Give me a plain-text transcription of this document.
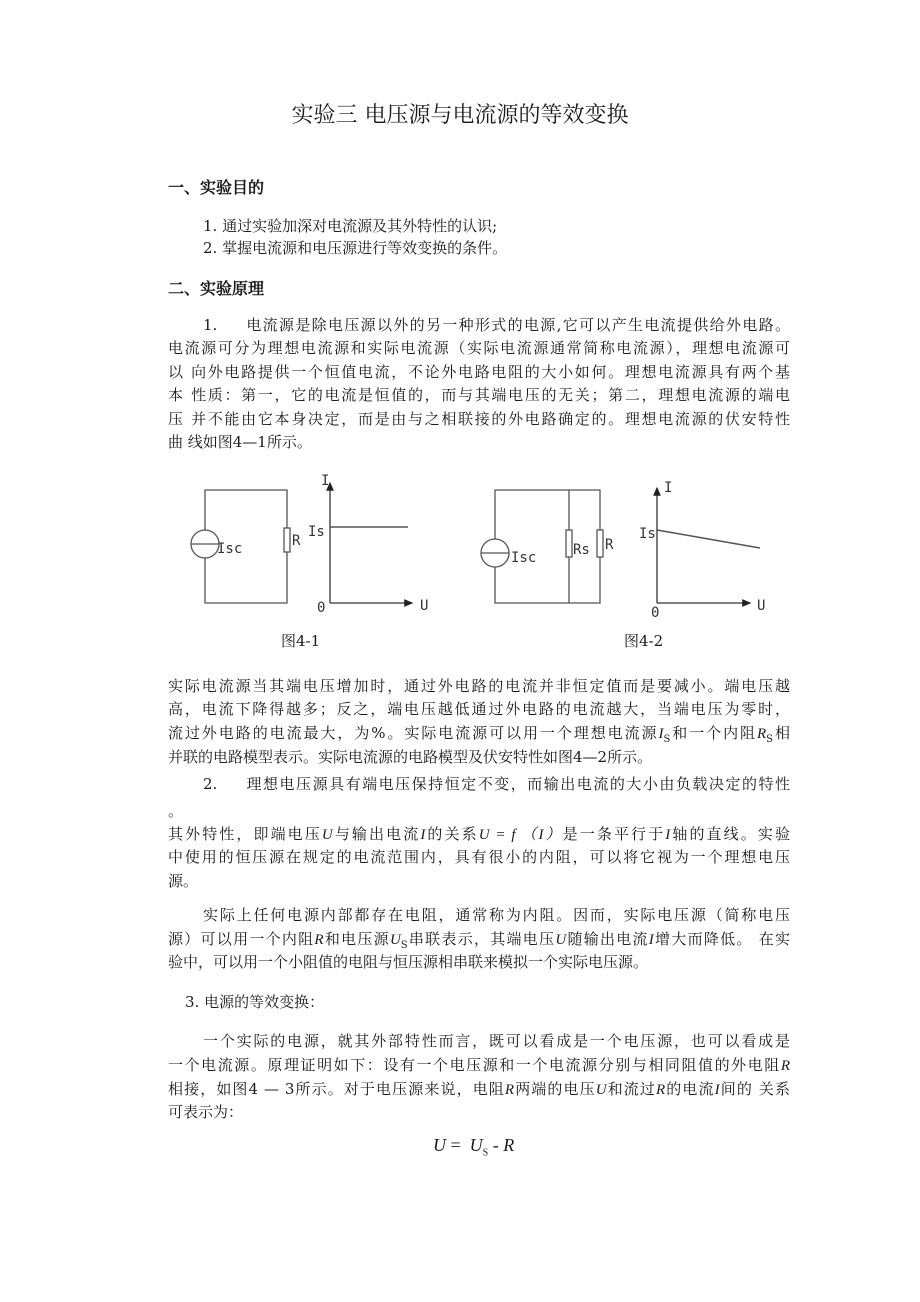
实验三 电压源与电流源的等效变换
一、实验目的
1. 通过实验加深对电流源及其外特性的认识;
2. 掌握电流源和电压源进行等效变换的条件。
二、实验原理
1. 电流源是除电压源以外的另一种形式的电源,它可以产生电流提供给外电路。
电流源可分为理想电流源和实际电流源（实际电流源通常简称电流源），理想电流源可
以 向外电路提供一个恒值电流，不论外电路电阻的大小如何。理想电流源具有两个基
本 性质：第一，它的电流是恒值的，而与其端电压的无关；第二，理想电流源的端电
压 并不能由它本身决定，而是由与之相联接的外电路确定的。理想电流源的伏安特性
曲 线如图4—1所示。
Isc	R
I
U
0
Is
Isc	Rs R
I
U
0
Is
图4-1	图4-2
实际电流源当其端电压增加时，通过外电路的电流并非恒定值而是要减小。端电压越
高，电流下降得越多；反之，端电压越低通过外电路的电流越大，当端电压为零时，
流过外电路的电流最大，为%。实际电流源可以用一个理想电流源$I_S$和一个内阻$R_S$相
并联的电路模型表示。实际电流源的电路模型及伏安特性如图4—2所示。
2. 理想电压源具有端电压保持恒定不变，而输出电流的大小由负载决定的特性
。
其外特性，即端电压U与输出电流I的关系U = f （I）是一条平行于I轴的直线。实验
中使用的恒压源在规定的电流范围内，具有很小的内阻，可以将它视为一个理想电压
源。
实际上任何电源内部都存在电阻，通常称为内阻。因而，实际电压源（简称电压
源）可以用一个内阻R和电压源$U_S$串联表示，其端电压U随输出电流I增大而降低。 在实
验中，可以用一个小阻值的电阻与恒压源相串联来模拟一个实际电压源。
3. 电源的等效变换：
一个实际的电源，就其外部特性而言，既可以看成是一个电压源，也可以看成是
一个电流源。原理证明如下：设有一个电压源和一个电流源分别与相同阻值的外电阻R
相接，如图4 — 3所示。对于电压源来说，电阻R两端的电压U和流过R的电流I间的 关系
可表示为：
$U = U_S - R$
